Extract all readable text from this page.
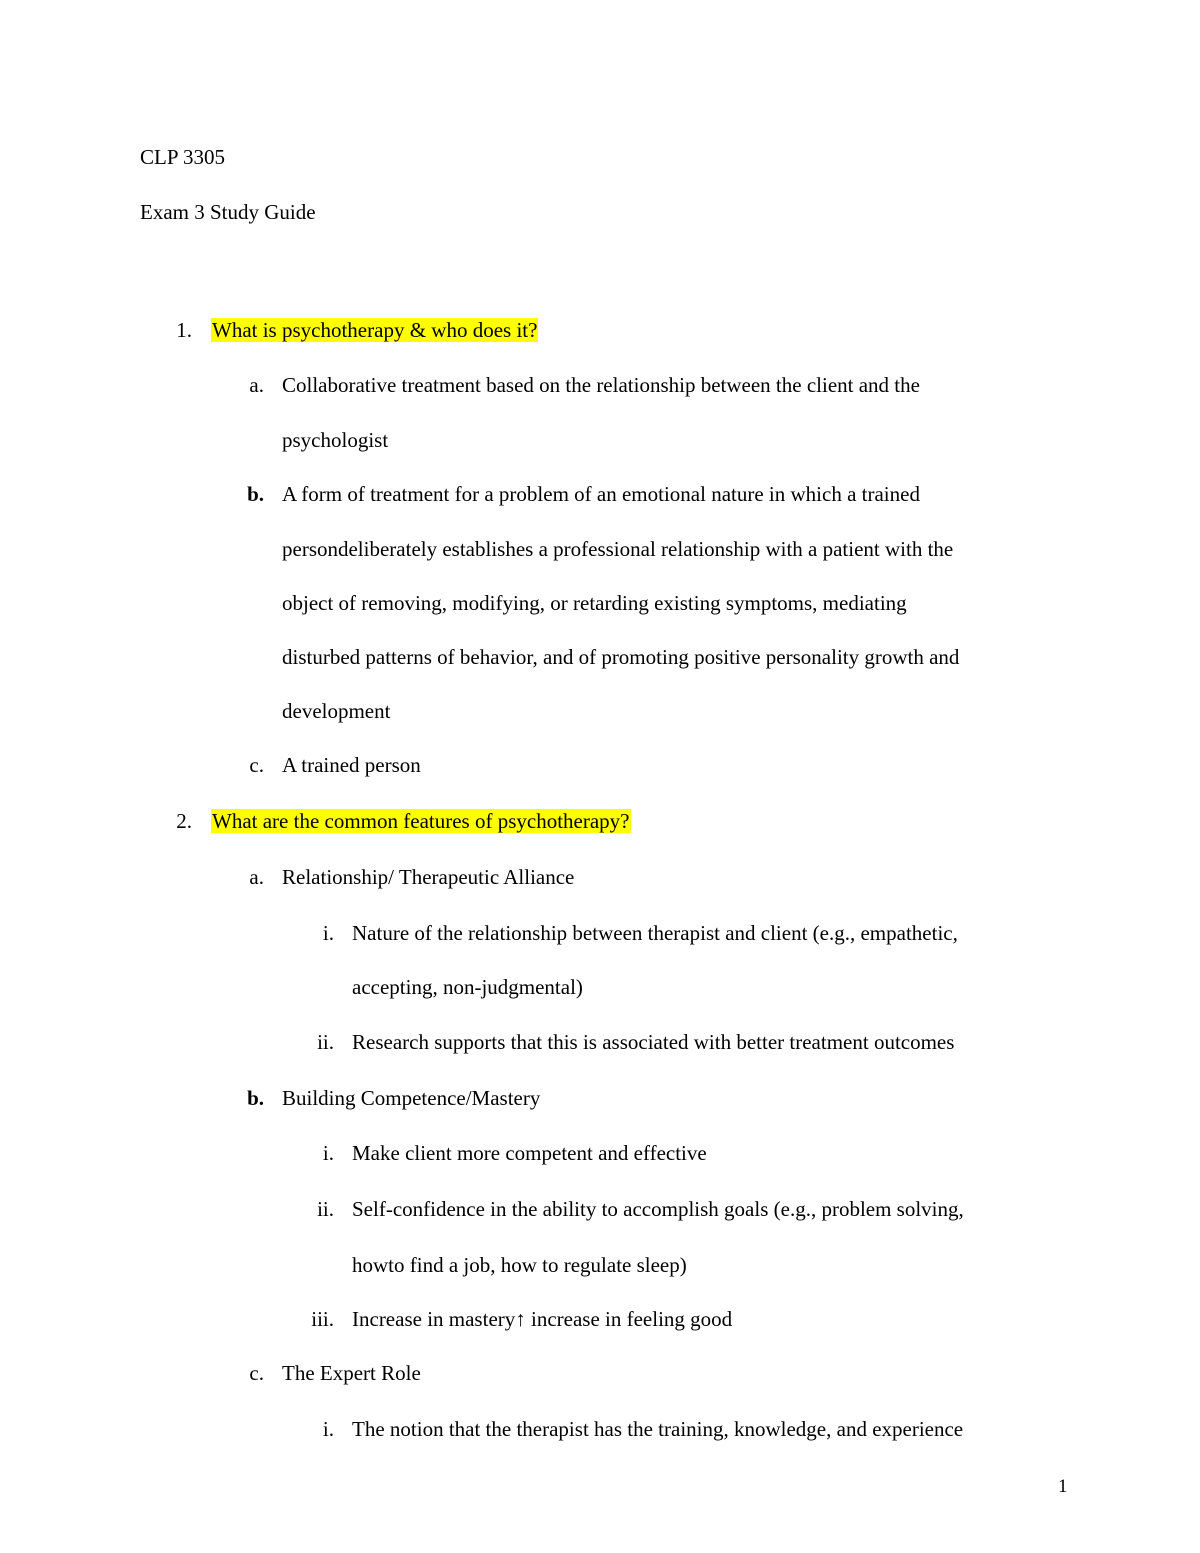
CLP 3305
Exam 3 Study Guide
1. What is psychotherapy & who does it?
a. Collaborative treatment based on the relationship between the client and the
psychologist
b. A form of treatment for a problem of an emotional nature in which a trained
persondeliberately establishes a professional relationship with a patient with the
object of removing, modifying, or retarding existing symptoms, mediating
disturbed patterns of behavior, and of promoting positive personality growth and
development
c. A trained person
2. What are the common features of psychotherapy?
a. Relationship/ Therapeutic Alliance
i. Nature of the relationship between therapist and client (e.g., empathetic,
accepting, non-judgmental)
ii. Research supports that this is associated with better treatment outcomes
b. Building Competence/Mastery
i. Make client more competent and effective
ii. Self-confidence in the ability to accomplish goals (e.g., problem solving,
howto find a job, how to regulate sleep)
iii. Increase in mastery↑ increase in feeling good
c. The Expert Role
i. The notion that the therapist has the training, knowledge, and experience
1
